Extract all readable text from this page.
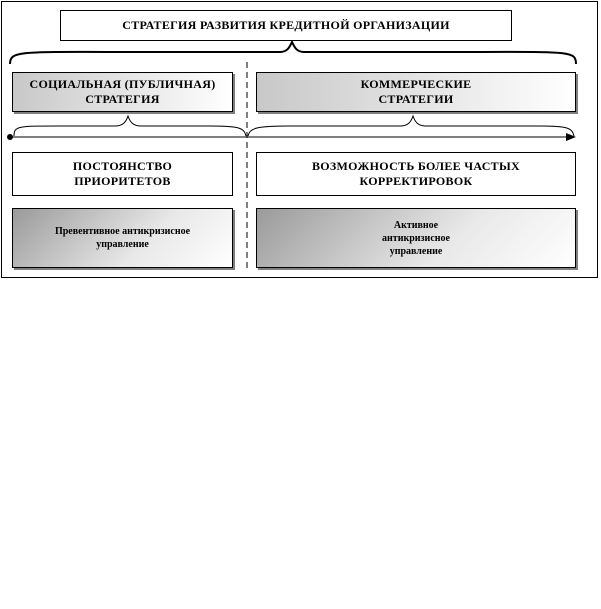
СТРАТЕГИЯ РАЗВИТИЯ КРЕДИТНОЙ ОРГАНИЗАЦИИ
СОЦИАЛЬНАЯ (ПУБЛИЧНАЯ) СТРАТЕГИЯ
КОММЕРЧЕСКИЕ СТРАТЕГИИ
ПОСТОЯНСТВО ПРИОРИТЕТОВ
ВОЗМОЖНОСТЬ БОЛЕЕ ЧАСТЫХ КОРРЕКТИРОВОК
Превентивное антикризисное управление
Активное антикризисное управление
